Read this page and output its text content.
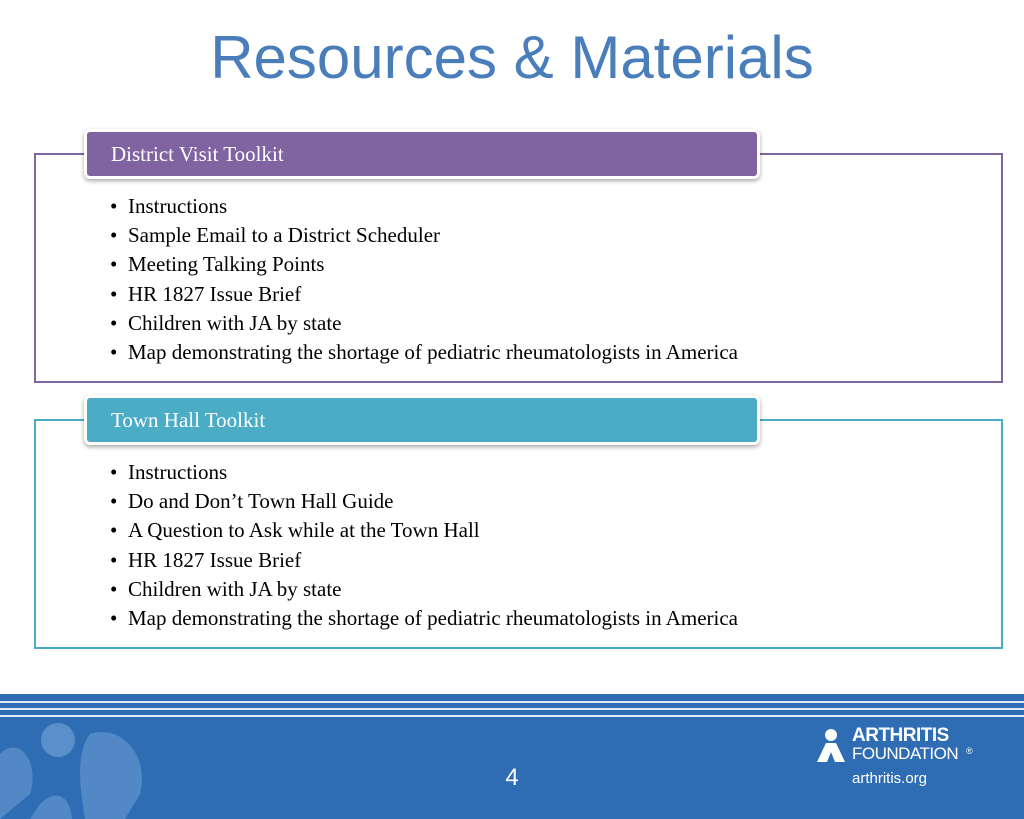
Resources & Materials
District Visit Toolkit
• Instructions
• Sample Email to a District Scheduler
• Meeting Talking Points
• HR 1827 Issue Brief
• Children with JA by state
• Map demonstrating the shortage of pediatric rheumatologists in America
Town Hall Toolkit
• Instructions
• Do and Don’t Town Hall Guide
• A Question to Ask while at the Town Hall
• HR 1827 Issue Brief
• Children with JA by state
• Map demonstrating the shortage of pediatric rheumatologists in America
4
ARTHRITIS
FOUNDATION ®
arthritis.org
